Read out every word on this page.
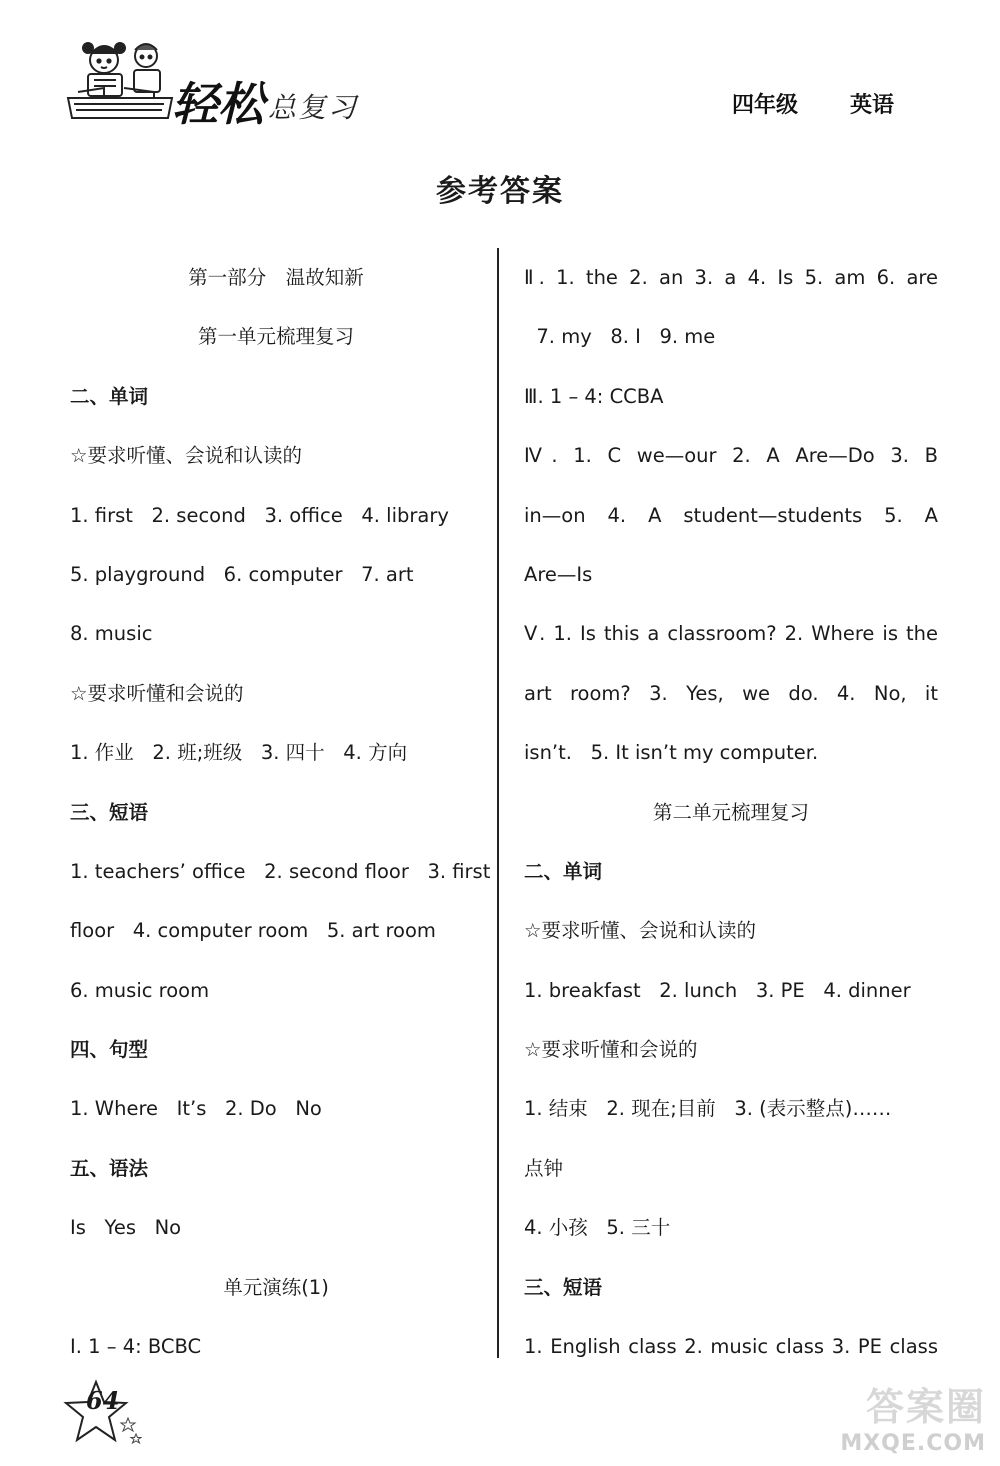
轻松 总复习	四年级 英语
参考答案
第一部分　温故知新
第一单元梳理复习
二、单词
☆要求听懂、会说和认读的
1. first   2. second   3. office   4. library
5. playground   6. computer   7. art
8. music
☆要求听懂和会说的
1. 作业   2. 班;班级   3. 四十   4. 方向
三、短语
1. teachers’ office   2. second floor   3. first
floor   4. computer room   5. art room
6. music room
四、句型
1. Where   It’s   2. Do   No
五、语法
Is   Yes   No
单元演练(1)
Ⅰ. 1 – 4: BCBC
Ⅱ. 1. the 2. an 3. a 4. Is 5. am 6. are
7. my   8. I   9. me
Ⅲ. 1 – 4: CCBA
Ⅳ. 1. C we—our 2. A Are—Do 3. B
in—on 4. A student—students 5. A
Are—Is
Ⅴ. 1. Is this a classroom? 2. Where is the
art room? 3. Yes, we do. 4. No, it
isn’t.   5. It isn’t my computer.
第二单元梳理复习
二、单词
☆要求听懂、会说和认读的
1. breakfast   2. lunch   3. PE   4. dinner
☆要求听懂和会说的
1. 结束   2. 现在;目前   3. (表示整点)……
点钟
4. 小孩   5. 三十
三、短语
1. English class 2. music class 3. PE class
64	答案圈
MXQE.COM
